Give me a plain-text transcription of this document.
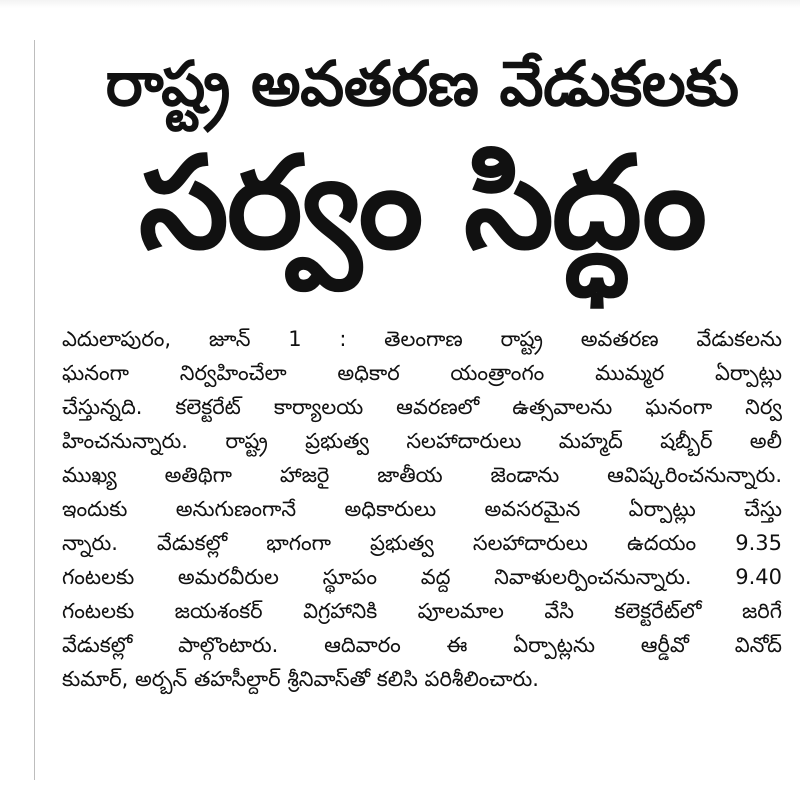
రాష్ట్ర అవతరణ వేడుకలకు
సర్వం సిద్ధం
ఎదులాపురం, జూన్ 1 : తెలంగాణ రాష్ట్ర అవతరణ వేడుకలను
ఘనంగా నిర్వహించేలా అధికార యంత్రాంగం ముమ్మర ఏర్పాట్లు
చేస్తున్నది. కలెక్టరేట్ కార్యాలయ ఆవరణలో ఉత్సవాలను ఘనంగా నిర్వ
హించనున్నారు. రాష్ట్ర ప్రభుత్వ సలహాదారులు మహ్మద్ షబ్బీర్ అలీ
ముఖ్య అతిథిగా హాజరై జాతీయ జెండాను ఆవిష్కరించనున్నారు.
ఇందుకు అనుగుణంగానే అధికారులు అవసరమైన ఏర్పాట్లు చేస్తు
న్నారు. వేడుకల్లో భాగంగా ప్రభుత్వ సలహాదారులు ఉదయం 9.35
గంటలకు అమరవీరుల స్థూపం వద్ద నివాళులర్పించనున్నారు. 9.40
గంటలకు జయశంకర్ విగ్రహానికి పూలమాల వేసి కలెక్టరేట్‌లో జరిగే
వేడుకల్లో పాల్గొంటారు. ఆదివారం ఈ ఏర్పాట్లను ఆర్డీవో వినోద్
కుమార్, అర్బన్ తహసీల్దార్ శ్రీనివాస్‌తో కలిసి పరిశీలించారు.
